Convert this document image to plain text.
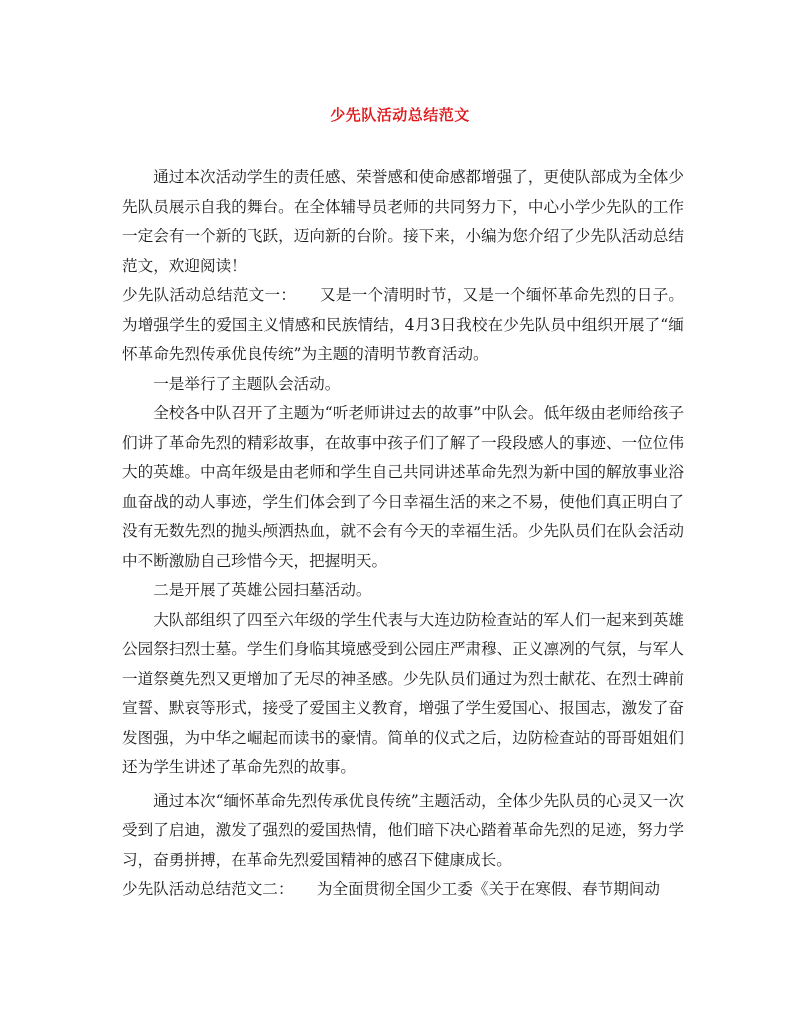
少先队活动总结范文

通过本次活动学生的责任感、荣誉感和使命感都增强了，更使队部成为全体少先队员展示自我的舞台。在全体辅导员老师的共同努力下，中心小学少先队的工作一定会有一个新的飞跃，迈向新的台阶。接下来，小编为您介绍了少先队活动总结范文，欢迎阅读！

少先队活动总结范文一：　　又是一个清明时节，又是一个缅怀革命先烈的日子。为增强学生的爱国主义情感和民族情结，4月3日我校在少先队员中组织开展了“缅怀革命先烈传承优良传统”为主题的清明节教育活动。

一是举行了主题队会活动。

全校各中队召开了主题为“听老师讲过去的故事”中队会。低年级由老师给孩子们讲了革命先烈的精彩故事，在故事中孩子们了解了一段段感人的事迹、一位位伟大的英雄。中高年级是由老师和学生自己共同讲述革命先烈为新中国的解放事业浴血奋战的动人事迹，学生们体会到了今日幸福生活的来之不易，使他们真正明白了没有无数先烈的抛头颅洒热血，就不会有今天的幸福生活。少先队员们在队会活动中不断激励自己珍惜今天，把握明天。

二是开展了英雄公园扫墓活动。

大队部组织了四至六年级的学生代表与大连边防检查站的军人们一起来到英雄公园祭扫烈士墓。学生们身临其境感受到公园庄严肃穆、正义凛冽的气氛，与军人一道祭奠先烈又更增加了无尽的神圣感。少先队员们通过为烈士献花、在烈士碑前宣誓、默哀等形式，接受了爱国主义教育，增强了学生爱国心、报国志，激发了奋发图强，为中华之崛起而读书的豪情。简单的仪式之后，边防检查站的哥哥姐姐们还为学生讲述了革命先烈的故事。

通过本次“缅怀革命先烈传承优良传统”主题活动，全体少先队员的心灵又一次受到了启迪，激发了强烈的爱国热情，他们暗下决心踏着革命先烈的足迹，努力学习，奋勇拼搏，在革命先烈爱国精神的感召下健康成长。

少先队活动总结范文二：　　为全面贯彻全国少工委《关于在寒假、春节期间动
